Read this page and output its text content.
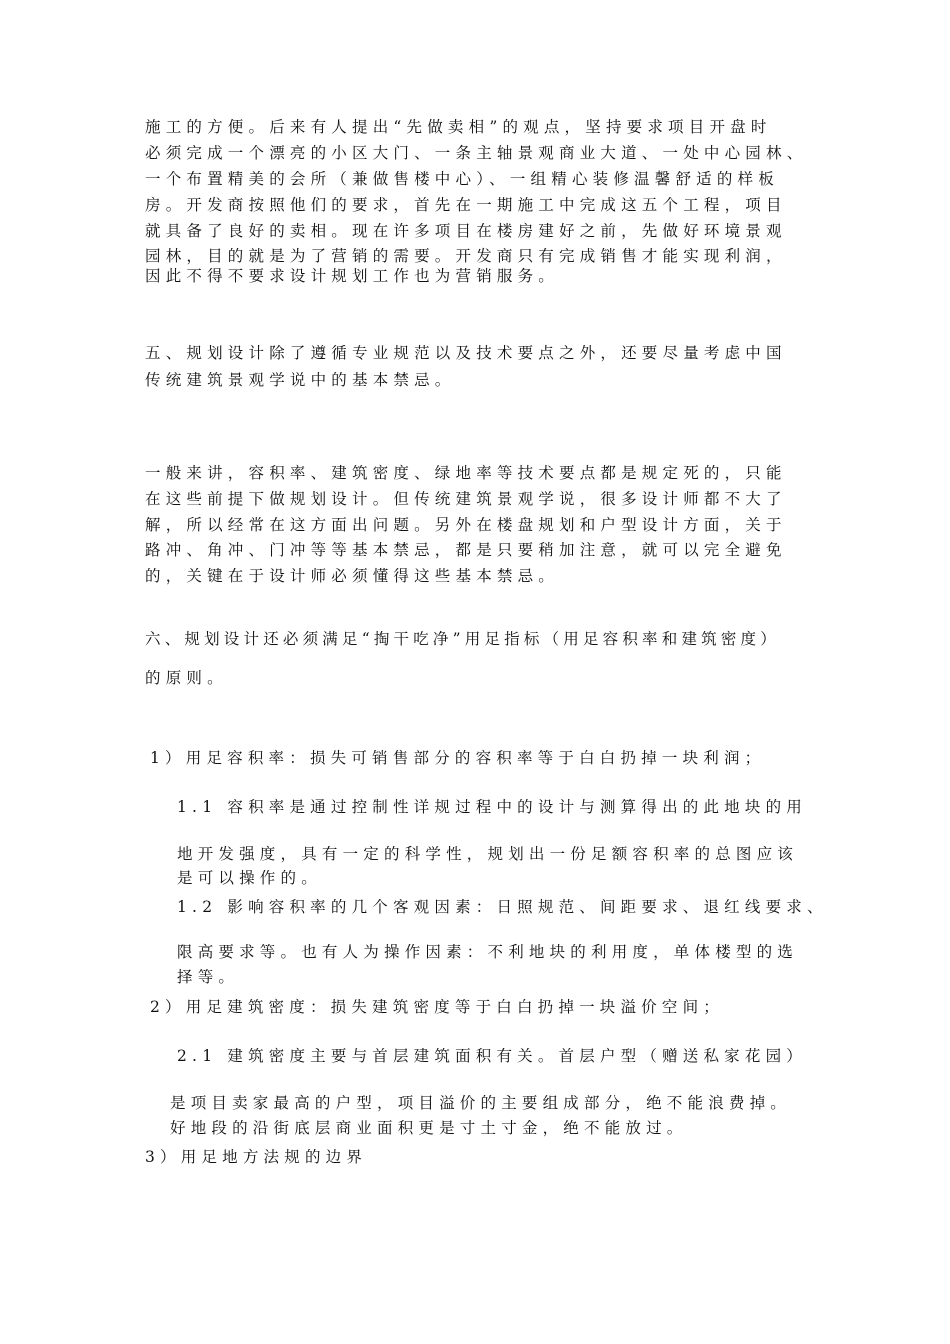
施工的方便。后来有人提出“先做卖相”的观点，坚持要求项目开盘时
必须完成一个漂亮的小区大门、一条主轴景观商业大道、一处中心园林、
一个布置精美的会所（兼做售楼中心）、一组精心装修温馨舒适的样板
房。开发商按照他们的要求，首先在一期施工中完成这五个工程，项目
就具备了良好的卖相。现在许多项目在楼房建好之前，先做好环境景观
园林，目的就是为了营销的需要。开发商只有完成销售才能实现利润，
因此不得不要求设计规划工作也为营销服务。
五、规划设计除了遵循专业规范以及技术要点之外，还要尽量考虑中国
传统建筑景观学说中的基本禁忌。
一般来讲，容积率、建筑密度、绿地率等技术要点都是规定死的，只能
在这些前提下做规划设计。但传统建筑景观学说，很多设计师都不大了
解，所以经常在这方面出问题。另外在楼盘规划和户型设计方面，关于
路冲、角冲、门冲等等基本禁忌，都是只要稍加注意，就可以完全避免
的，关键在于设计师必须懂得这些基本禁忌。
六、规划设计还必须满足“掏干吃净”用足指标（用足容积率和建筑密度）
的原则。
1）用足容积率：损失可销售部分的容积率等于白白扔掉一块利润；
1.1 容积率是通过控制性详规过程中的设计与测算得出的此地块的用
地开发强度，具有一定的科学性，规划出一份足额容积率的总图应该
是可以操作的。
1.2 影响容积率的几个客观因素：日照规范、间距要求、退红线要求、
限高要求等。也有人为操作因素：不利地块的利用度，单体楼型的选
择等。
2）用足建筑密度：损失建筑密度等于白白扔掉一块溢价空间；
2.1 建筑密度主要与首层建筑面积有关。首层户型（赠送私家花园）
是项目卖家最高的户型，项目溢价的主要组成部分，绝不能浪费掉。
好地段的沿街底层商业面积更是寸土寸金，绝不能放过。
3）用足地方法规的边界
